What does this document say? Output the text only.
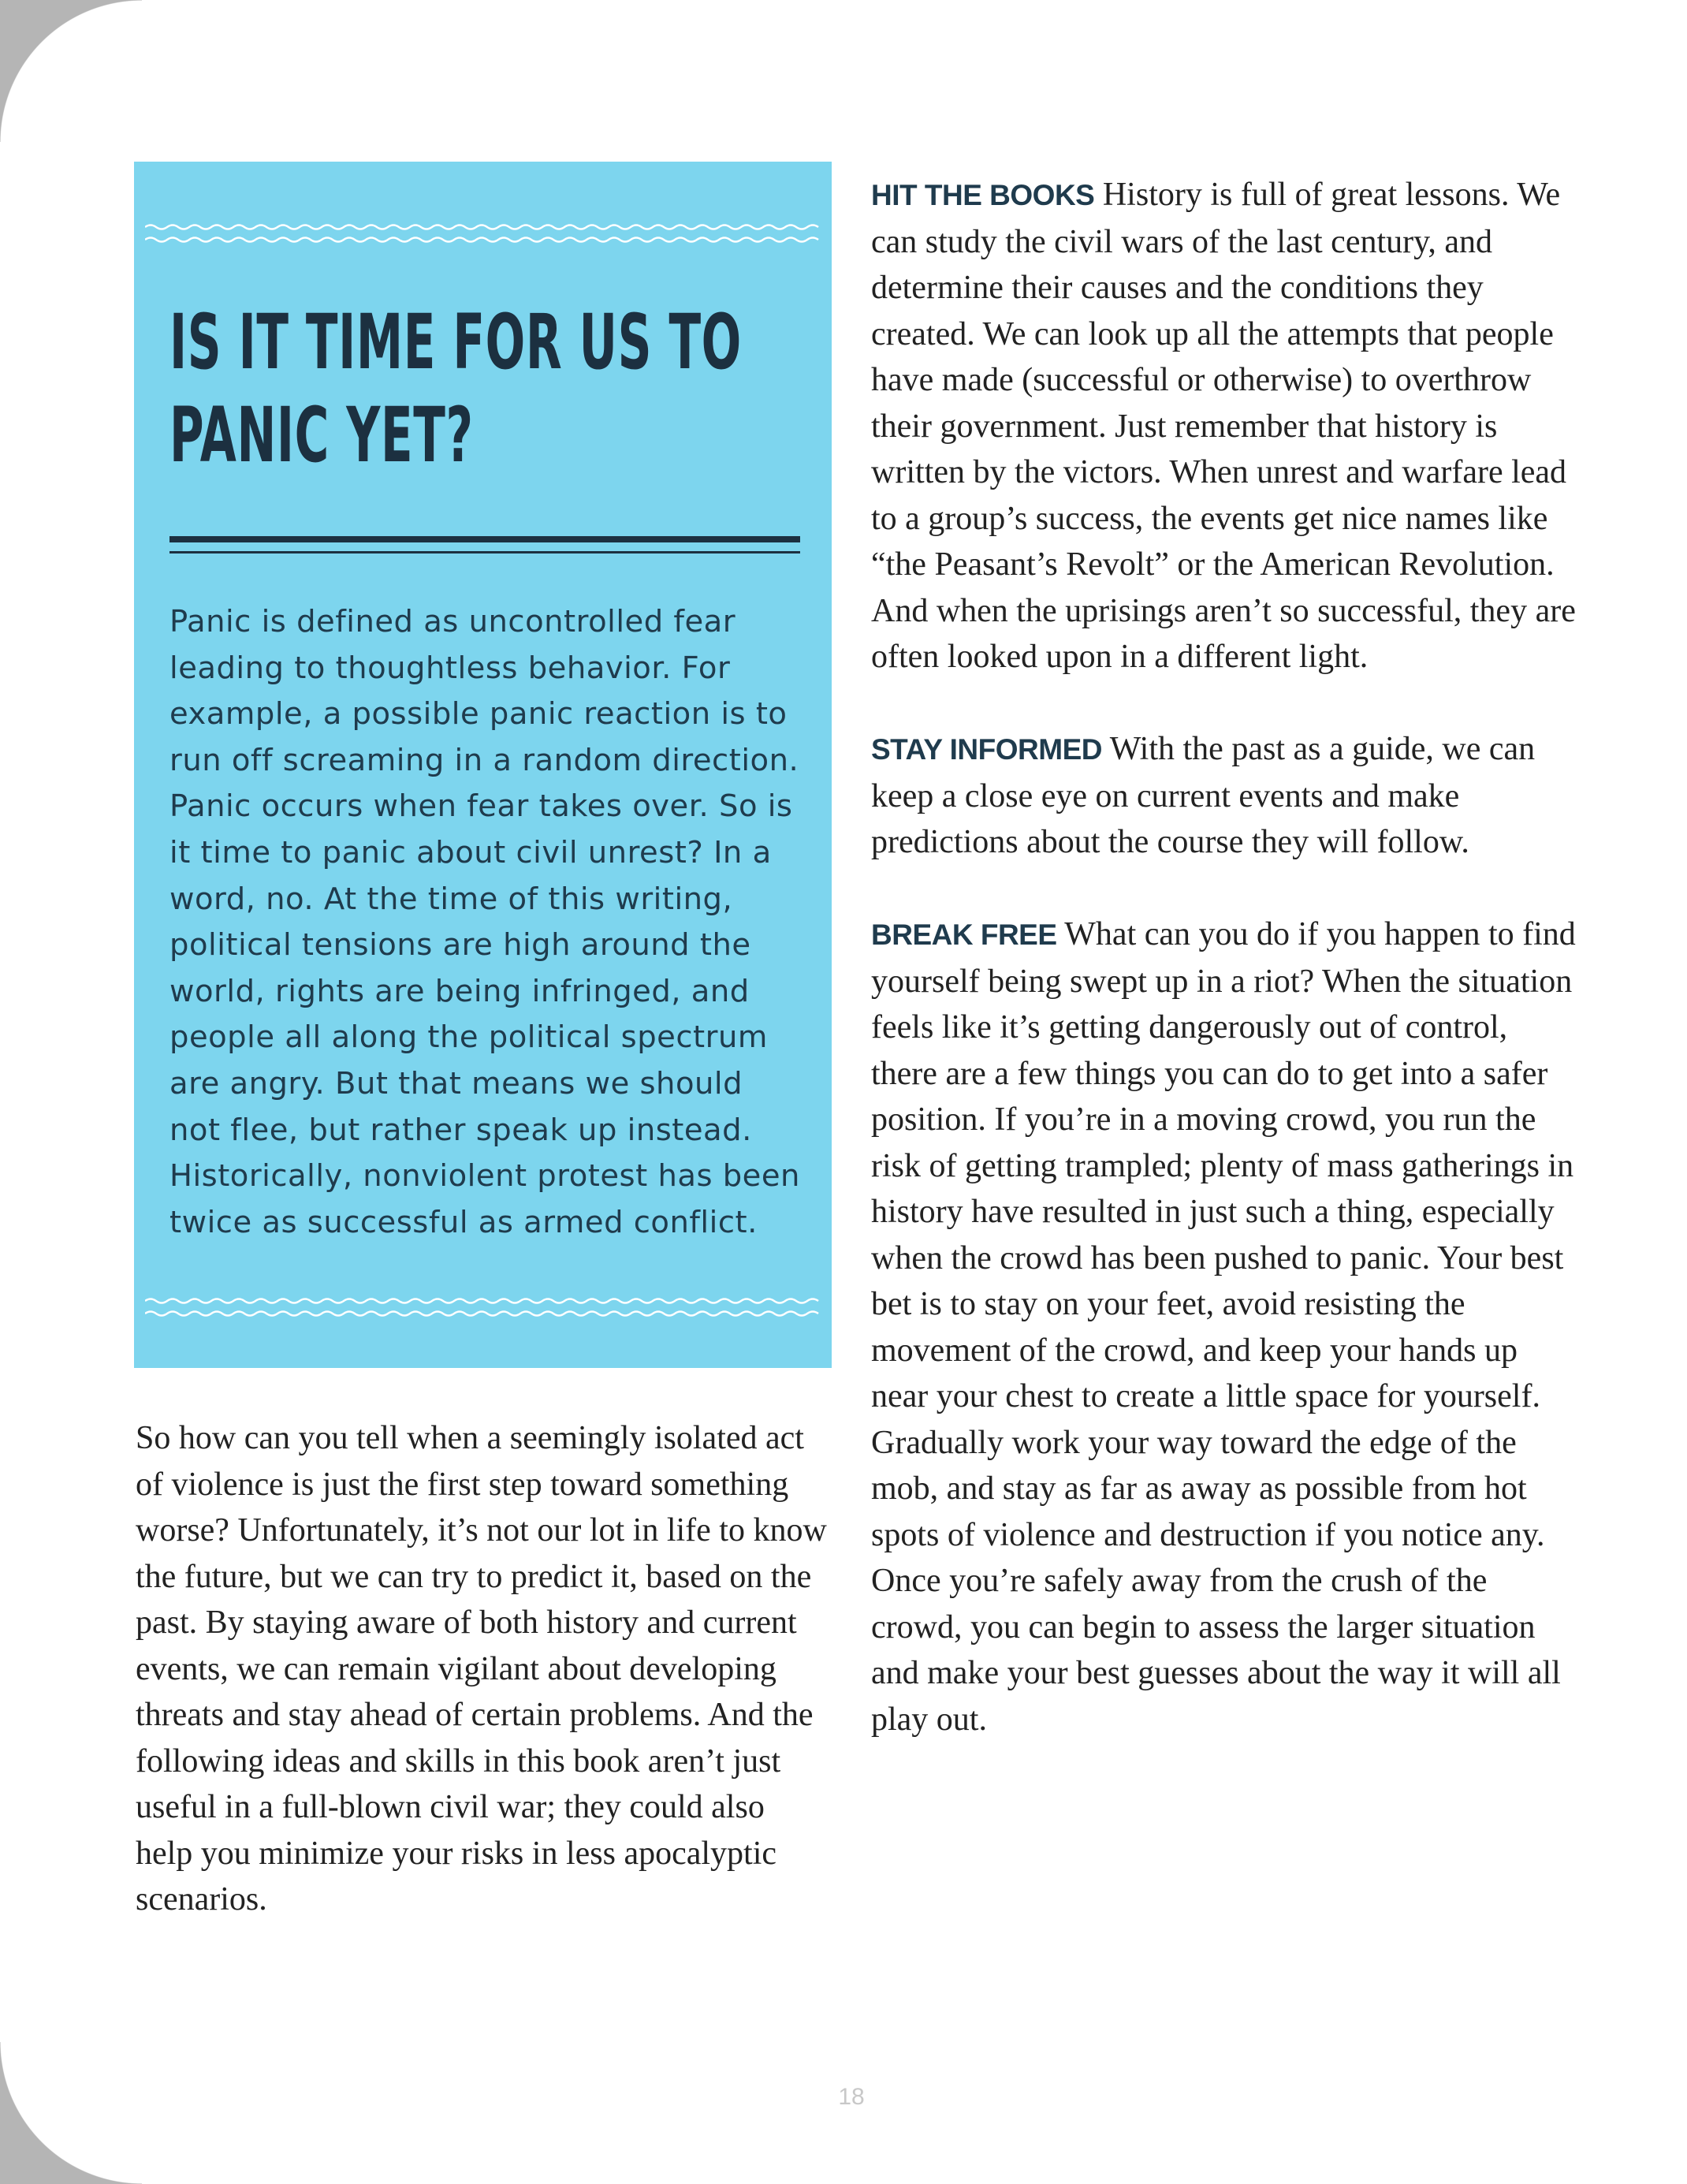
IS IT TIME FOR US TO PANIC YET?

Panic is defined as uncontrolled fear leading to thoughtless behavior. For example, a possible panic reaction is to run off screaming in a random direction. Panic occurs when fear takes over. So is it time to panic about civil unrest? In a word, no. At the time of this writing, political tensions are high around the world, rights are being infringed, and people all along the political spectrum are angry. But that means we should not flee, but rather speak up instead. Historically, nonviolent protest has been twice as successful as armed conflict.

So how can you tell when a seemingly isolated act of violence is just the first step toward something worse? Unfortunately, it’s not our lot in life to know the future, but we can try to predict it, based on the past. By staying aware of both history and current events, we can remain vigilant about developing threats and stay ahead of certain problems. And the following ideas and skills in this book aren’t just useful in a full-blown civil war; they could also help you minimize your risks in less apocalyptic scenarios.

HIT THE BOOKS History is full of great lessons. We can study the civil wars of the last century, and determine their causes and the conditions they created. We can look up all the attempts that people have made (successful or otherwise) to overthrow their government. Just remember that history is written by the victors. When unrest and warfare lead to a group’s success, the events get nice names like “the Peasant’s Revolt” or the American Revolution. And when the uprisings aren’t so successful, they are often looked upon in a different light.

STAY INFORMED With the past as a guide, we can keep a close eye on current events and make predictions about the course they will follow.

BREAK FREE What can you do if you happen to find yourself being swept up in a riot? When the situation feels like it’s getting dangerously out of control, there are a few things you can do to get into a safer position. If you’re in a moving crowd, you run the risk of getting trampled; plenty of mass gatherings in history have resulted in just such a thing, especially when the crowd has been pushed to panic. Your best bet is to stay on your feet, avoid resisting the movement of the crowd, and keep your hands up near your chest to create a little space for yourself. Gradually work your way toward the edge of the mob, and stay as far as away as possible from hot spots of violence and destruction if you notice any. Once you’re safely away from the crush of the crowd, you can begin to assess the larger situation and make your best guesses about the way it will all play out.

18
